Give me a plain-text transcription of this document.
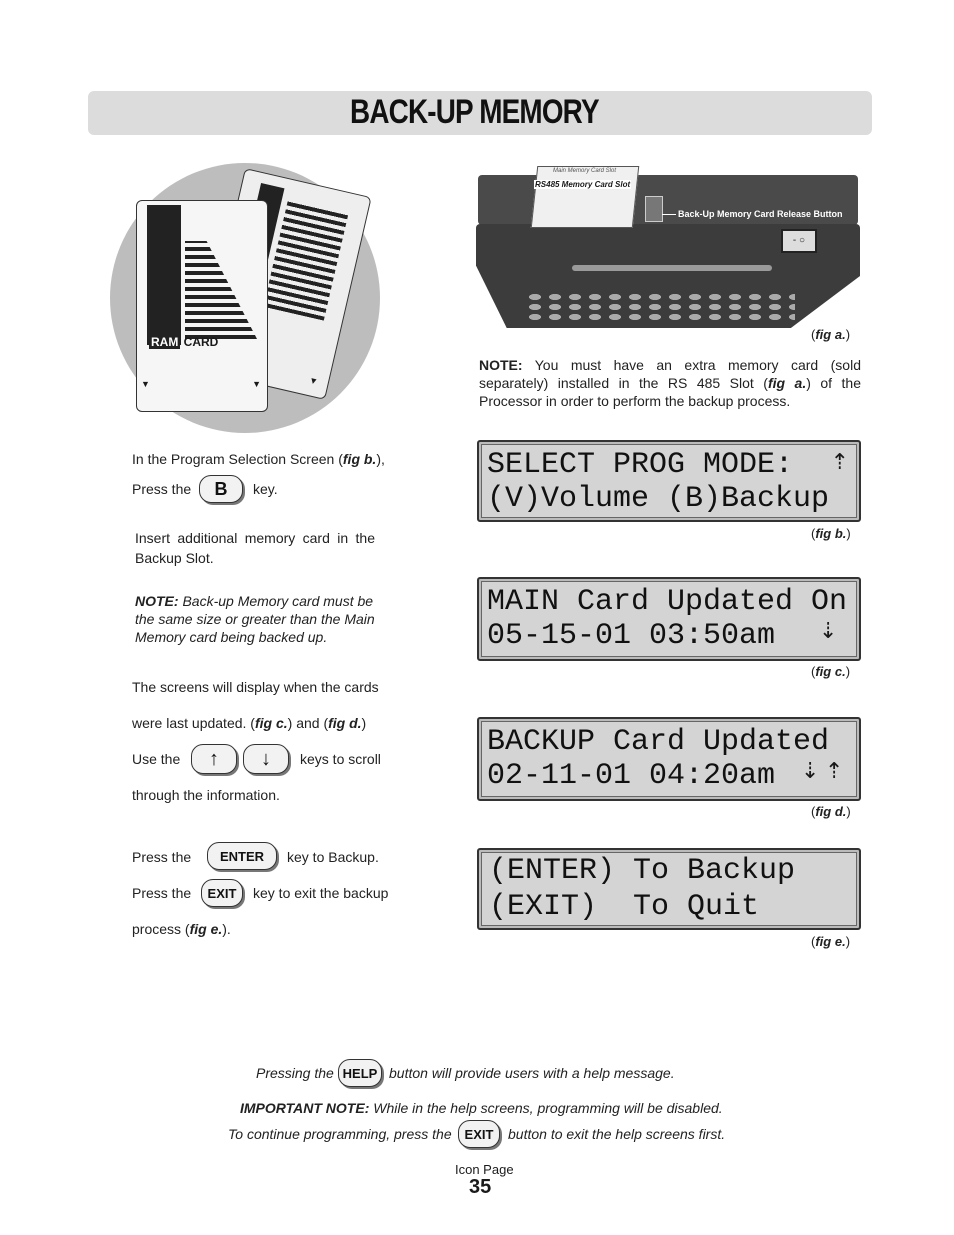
BACK-UP MEMORY
▼
RAM CARD
▼	▼
Main Memory Card Slot
RS485 Memory Card Slot
Back-Up Memory Card Release Button
- ○
(fig a.)
NOTE: You must have an extra memory card (sold separately) installed in the RS 485 Slot (fig a.) of the Processor in order to perform the backup process.
In the Program Selection Screen (fig b.),
Press the	B	key.
Insert additional memory card in the Backup Slot.
NOTE: Back-up Memory card must be the same size or greater than the Main Memory card being backed up.
The screens will display when the cards
were last updated. (fig c.) and (fig d.)
Use the	↑	↓	keys to scroll
through the information.
Press the	ENTER	key to Backup.
Press the	EXIT	key to exit the backup
process (fig e.).
SELECT PROG MODE:
(V)Volume (B)Backup
⇡
(fig b.)
MAIN Card Updated On
05-15-01 03:50am ⇣
(fig c.)
BACKUP Card Updated
02-11-01 04:20am ⇣ ⇡
(fig d.)
(ENTER) To Backup
(EXIT)  To Quit
(fig e.)
Pressing the HELP button will provide users with a help message.
IMPORTANT NOTE: While in the help screens, programming will be disabled.
To continue programming, press the EXIT	button to exit the help screens first.
Icon Page
35
